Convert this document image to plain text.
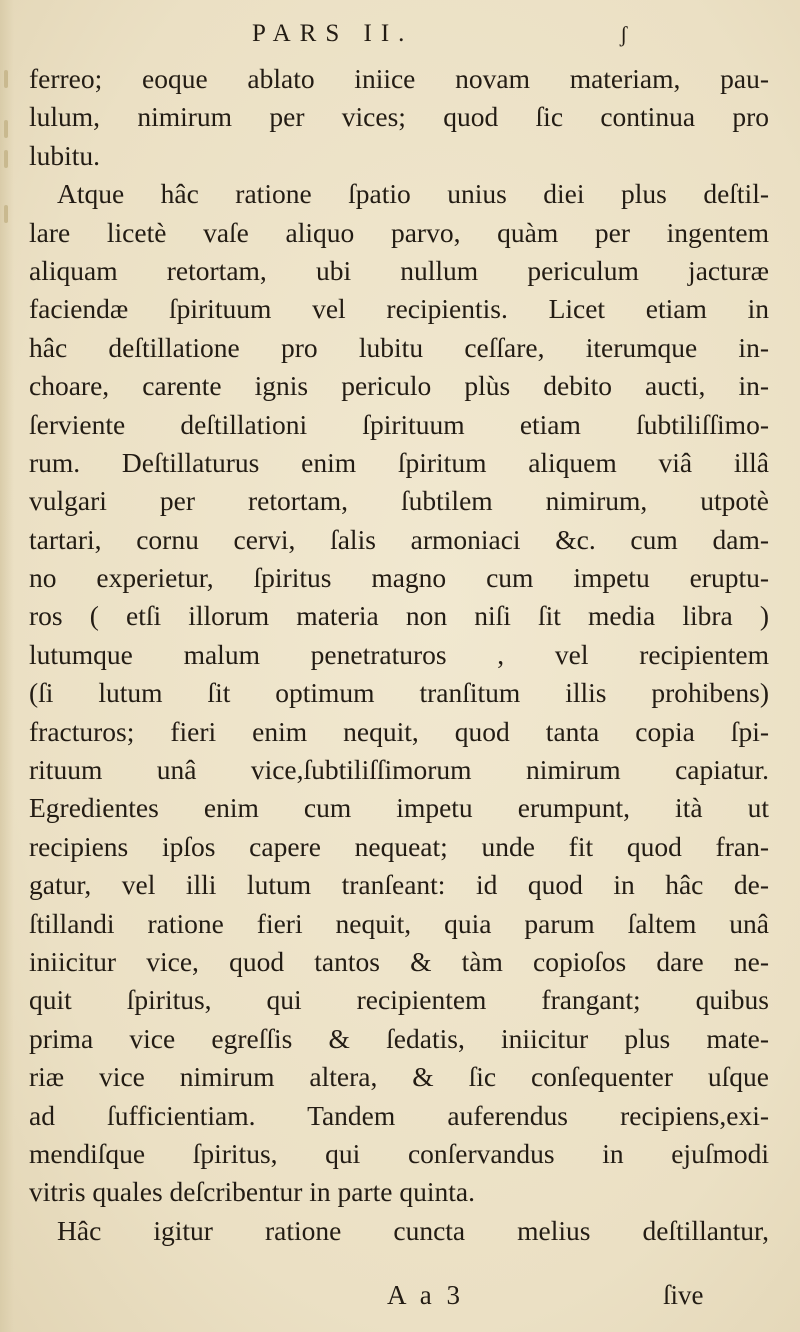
PARS II.	ʃ
ferreo; eoque ablato iniice novam materiam, pau-
lulum, nimirum per vices; quod ſic continua pro
lubitu.
Atque hâc ratione ſpatio unius diei plus deſtil-
lare licetè vaſe aliquo parvo, quàm per ingentem
aliquam retortam, ubi nullum periculum jacturæ
faciendæ ſpirituum vel recipientis. Licet etiam in
hâc deſtillatione pro lubitu ceſſare, iterumque in-
choare, carente ignis periculo plùs debito aucti, in-
ſerviente deſtillationi ſpirituum etiam ſubtiliſſimo-
rum. Deſtillaturus enim ſpiritum aliquem viâ illâ
vulgari per retortam, ſubtilem nimirum, utpotè
tartari, cornu cervi, ſalis armoniaci &c. cum dam-
no experietur, ſpiritus magno cum impetu eruptu-
ros ( etſi illorum materia non niſi ſit media libra )
lutumque malum penetraturos , vel recipientem
(ſi lutum ſit optimum tranſitum illis prohibens)
fracturos; fieri enim nequit, quod tanta copia ſpi-
rituum unâ vice,ſubtiliſſimorum nimirum capiatur.
Egredientes enim cum impetu erumpunt, ità ut
recipiens ipſos capere nequeat; unde fit quod fran-
gatur, vel illi lutum tranſeant: id quod in hâc de-
ſtillandi ratione fieri nequit, quia parum ſaltem unâ
iniicitur vice, quod tantos & tàm copioſos dare ne-
quit ſpiritus, qui recipientem frangant; quibus
prima vice egreſſis & ſedatis, iniicitur plus mate-
riæ vice nimirum altera, & ſic conſequenter uſque
ad ſufficientiam. Tandem auferendus recipiens,exi-
mendiſque ſpiritus, qui conſervandus in ejuſmodi
vitris quales deſcribentur in parte quinta.
Hâc igitur ratione cuncta melius deſtillantur,
A a 3	ſive
